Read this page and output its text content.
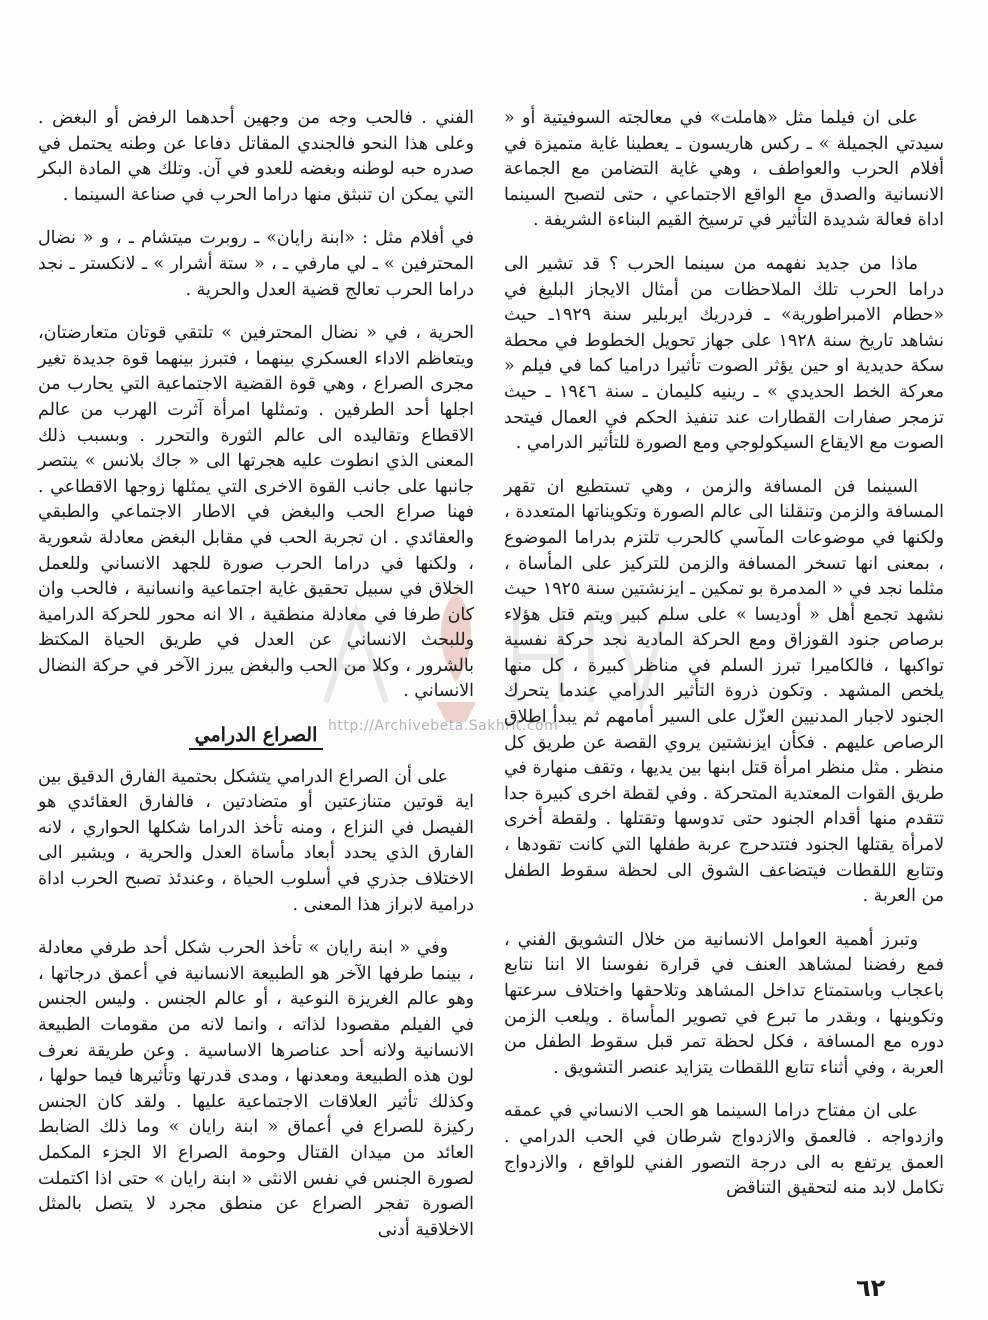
http://Archivebeta.Sakhrit.com

على ان فيلما مثل «هاملت» في معالجته السوفيتية أو « سيدتي الجميلة » ـ ركس هاريسون ـ يعطينا غاية متميزة في أفلام الحرب والعواطف ، وهي غاية التضامن مع الجماعة الانسانية والصدق مع الواقع الاجتماعي ، حتى لتصبح السينما اداة فعالة شديدة التأثير في ترسيخ القيم البناءة الشريفة .

ماذا من جديد نفهمه من سينما الحرب ؟ قد تشير الى دراما الحرب تلك الملاحظات من أمثال الايجاز البليغ في «حطام الامبراطورية» ـ فردريك ايربلير سنة ١٩٢٩ـ حيث نشاهد تاريخ سنة ١٩٢٨ على جهاز تحويل الخطوط في محطة سكة حديدية او حين يؤثر الصوت تأثيرا دراميا كما في فيلم « معركة الخط الحديدي » ـ رينيه كليمان ـ سنة ١٩٤٦ ـ حيث تزمجر صفارات القطارات عند تنفيذ الحكم في العمال فيتحد الصوت مع الايقاع السيكولوجي ومع الصورة للتأثير الدرامي .

السينما فن المسافة والزمن ، وهي تستطيع ان تقهر المسافة والزمن وتنقلنا الى عالم الصورة وتكويناتها المتعددة ، ولكنها في موضوعات المآسي كالحرب تلتزم بدراما الموضوع ، بمعنى انها تسخر المسافة والزمن للتركيز على المأساة ، مثلما نجد في « المدمرة بو تمكين ـ ايزنشتين سنة ١٩٢٥ حيث نشهد تجمع أهل « أوديسا » على سلم كبير ويتم قتل هؤلاء برصاص جنود القوزاق ومع الحركة المادية نجد حركة نفسية تواكبها ، فالكاميرا تبرز السلم في مناظر كبيرة ، كل منها يلخص المشهد . وتكون ذروة التأثير الدرامي عندما يتحرك الجنود لاجبار المدنيين العزّل على السير أمامهم ثم يبدأ اطلاق الرصاص عليهم . فكأن ايزنشتين يروي القصة عن طريق كل منظر . مثل منظر امرأة قتل ابنها بين يديها ، وتقف منهارة في طريق القوات المعتدية المتحركة . وفي لقطة اخرى كبيرة جدا تتقدم منها أقدام الجنود حتى تدوسها وتقتلها . ولقطة أخرى لامرأة يقتلها الجنود فتتدحرج عربة طفلها التي كانت تقودها ، وتتابع اللقطات فيتضاعف الشوق الى لحظة سقوط الطفل من العربة .

وتبرز أهمية العوامل الانسانية من خلال التشويق الفني ، فمع رفضنا لمشاهد العنف في قرارة نفوسنا الا اننا نتابع باعجاب وباستمتاع تداخل المشاهد وتلاحقها واختلاف سرعتها وتكوينها ، وبقدر ما تبرع في تصوير المأساة . ويلعب الزمن دوره مع المسافة ، فكل لحظة تمر قبل سقوط الطفل من العربة ، وفي أثناء تتابع اللقطات يتزايد عنصر التشويق .

على ان مفتاح دراما السينما هو الحب الانساني في عمقه وازدواجه . فالعمق والازدواج شرطان في الحب الدرامي . العمق يرتفع به الى درجة التصور الفني للواقع ، والازدواج تكامل لابد منه لتحقيق التناقض

الفني . فالحب وجه من وجهين أحدهما الرفض أو البغض . وعلى هذا النحو فالجندي المقاتل دفاعا عن وطنه يحتمل في صدره حبه لوطنه وبغضه للعدو في آن. وتلك هي المادة البكر التي يمكن ان تنبثق منها دراما الحرب في صناعة السينما .

في أفلام مثل : «ابنة رايان» ـ روبرت ميتشام ـ ، و « نضال المحترفين » ـ لي مارفي ـ ، « ستة أشرار » ـ لانكستر ـ نجد دراما الحرب تعالج قضية العدل والحرية .

الحرية ، في « نضال المحترفين » تلتقي قوتان متعارضتان، ويتعاظم الاداء العسكري بينهما ، فتبرز بينهما قوة جديدة تغير مجرى الصراع ، وهي قوة القضية الاجتماعية التي يحارب من اجلها أحد الطرفين . وتمثلها امرأة آثرت الهرب من عالم الاقطاع وتقاليده الى عالم الثورة والتحرر . وبسبب ذلك المعنى الذي انطوت عليه هجرتها الى « جاك بلانس » ينتصر جانبها على جانب القوة الاخرى التي يمثلها زوجها الاقطاعي . فهنا صراع الحب والبغض في الاطار الاجتماعي والطبقي والعقائدي . ان تجربة الحب في مقابل البغض معادلة شعورية ، ولكنها في دراما الحرب صورة للجهد الانساني وللعمل الخلاق في سبيل تحقيق غاية اجتماعية وانسانية ، فالحب وان كان طرفا في معادلة منطقية ، الا انه محور للحركة الدرامية وللبحث الانساني عن العدل في طريق الحياة المكتظ بالشرور ، وكلا من الحب والبغض يبرز الآخر في حركة النضال الانساني .

الصراع الدرامي

على أن الصراع الدرامي يتشكل بحتمية الفارق الدقيق بين اية قوتين متنازعتين أو متضادتين ، فالفارق العقائدي هو الفيصل في النزاع ، ومنه تأخذ الدراما شكلها الحواري ، لانه الفارق الذي يحدد أبعاد مأساة العدل والحرية ، ويشير الى الاختلاف جذري في أسلوب الحياة ، وعندئذ تصبح الحرب اداة درامية لابراز هذا المعنى .

وفي « ابنة رايان » تأخذ الحرب شكل أحد طرفي معادلة ، بينما طرفها الآخر هو الطبيعة الانسانية في أعمق درجاتها ، وهو عالم الغريزة النوعية ، أو عالم الجنس . وليس الجنس في الفيلم مقصودا لذاته ، وانما لانه من مقومات الطبيعة الانسانية ولانه أحد عناصرها الاساسية . وعن طريقة نعرف لون هذه الطبيعة ومعدنها ، ومدى قدرتها وتأثيرها فيما حولها ، وكذلك تأثير العلاقات الاجتماعية عليها . ولقد كان الجنس ركيزة للصراع في أعماق « ابنة رايان » وما ذلك الضابط العائد من ميدان القتال وحومة الصراع الا الجزء المكمل لصورة الجنس في نفس الانثى « ابنة رايان » حتى اذا اكتملت الصورة تفجر الصراع عن منطق مجرد لا يتصل بالمثل الاخلاقية أدنى

٦٢
